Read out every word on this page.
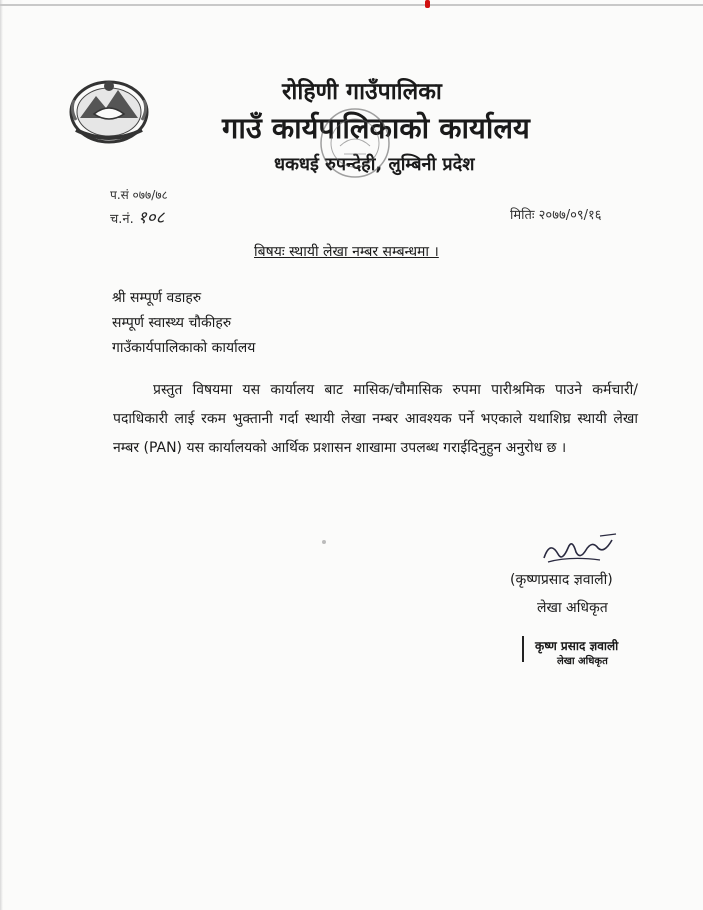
रोहिणी गाउँपालिका
गाउँ कार्यपालिकाको कार्यालय
धकधई रुपन्देही, लुम्बिनी प्रदेश
प.सं ०७७/७८
च.नं. १०८	मितिः २०७७/०९/१६
बिषयः स्थायी लेखा नम्बर सम्बन्धमा ।
श्री सम्पूर्ण वडाहरु
सम्पूर्ण स्वास्थ्य चौकीहरु
गाउँकार्यपालिकाको कार्यालय
प्रस्तुत विषयमा यस कार्यालय बाट मासिक/चौमासिक रुपमा पारीश्रमिक पाउने कर्मचारी/पदाधिकारी लाई रकम भुक्तानी गर्दा स्थायी लेखा नम्बर आवश्यक पर्ने भएकाले यथाशिघ्र स्थायी लेखा नम्बर (PAN) यस कार्यालयको आर्थिक प्रशासन शाखामा उपलब्ध गराईदिनुहुन अनुरोध छ ।
(कृष्णप्रसाद ज्ञवाली)
लेखा अधिकृत
कृष्ण प्रसाद ज्ञवाली
लेखा अधिकृत
